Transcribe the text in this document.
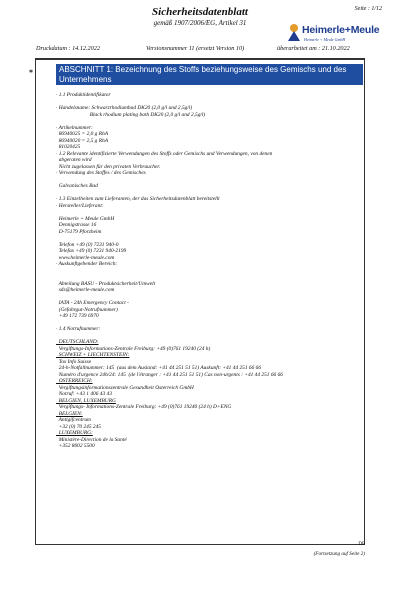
Seite : 1/12
Sicherheitsdatenblatt
gemäß 1907/2006/EG, Artikel 31
Heimerle+Meule
Heimerle + Meule GmbH
Druckdatum : 14.12.2022	Versionsnummer 11 (ersetzt Version 10)	überarbeitet am : 21.10.2022
*	ABSCHNITT 1: Bezeichnung des Stoffs beziehungsweise des Gemischs und des Unternehmens
· 1.1 Produktidentifikator
· Handelsname: Schwarzrhodiumbad DK20 (2,0 g/l und 2,5g/l)
Black rhodium plating bath DK20 (2,0 g/l and 2,5g/l)
· Artikelnummer:
86940025 = 2,0 g RhA
86940020 = 2,5 g RhA
81020425
· 1.2 Relevante identifizierte Verwendungen des Stoffs oder Gemischs und Verwendungen, von denen
abgeraten wird
Nicht zugelassen für den privaten Verbraucher.
· Verwendung des Stoffes / des Gemisches
Galvanisches Bad
· 1.3 Einzelheiten zum Lieferanten, der das Sicherheitsdatenblatt bereitstellt
· Hersteller/Lieferant:
Heimerle + Meule GmbH
Dennigstrasse 16
D-75179 Pforzheim
Telefon +49 (0) 7231 940-0
Telefax +49 (0) 7231 940-2199
www.heimerle-meule.com
· Auskunftgebender Bereich:
Abteilung BASU - Produktsicherheit/Umwelt
sds@heimerle-meule.com
IATA - 24h Emergency Contact -
(Gefahrgut-Notrufnummer)
+49 172 739 6970
· 1.4 Notrufnummer:
DEUTSCHLAND:
Vergiftungs-Informations-Zentrale Freiburg: +49 (0)761 19240 (24 h)
SCHWEIZ + LIECHTENSTEIN:
Tox Info Suisse
24-h-Notfallnummer: 145  (aus dem Ausland: +41 44 251 51 51) Auskunft: +41 44 251 66 66
Numéro d'urgence 24h/24: 145  (de l'étranger : +41 44 251 51 51) Cas non-urgents : +41 44 251 66 66
ÖSTERREICH:
Vergiftungsinformationszentrale Gesundheit Österreich GmbH
Notruf: +43 1 406 43 43
BELGIEN, LUXEMBURG
Vergiftungs- Informations-Zentrale Freiburg: +49 (0)761 19240 (24 h) D+ENG
BELGIEN:
Antigifcentrum
+32 (0) 70 245 245
LUXEMBURG:
Ministère-Direction de la Santé
+352 8002 5500
DE
(Fortsetzung auf Seite 2)
